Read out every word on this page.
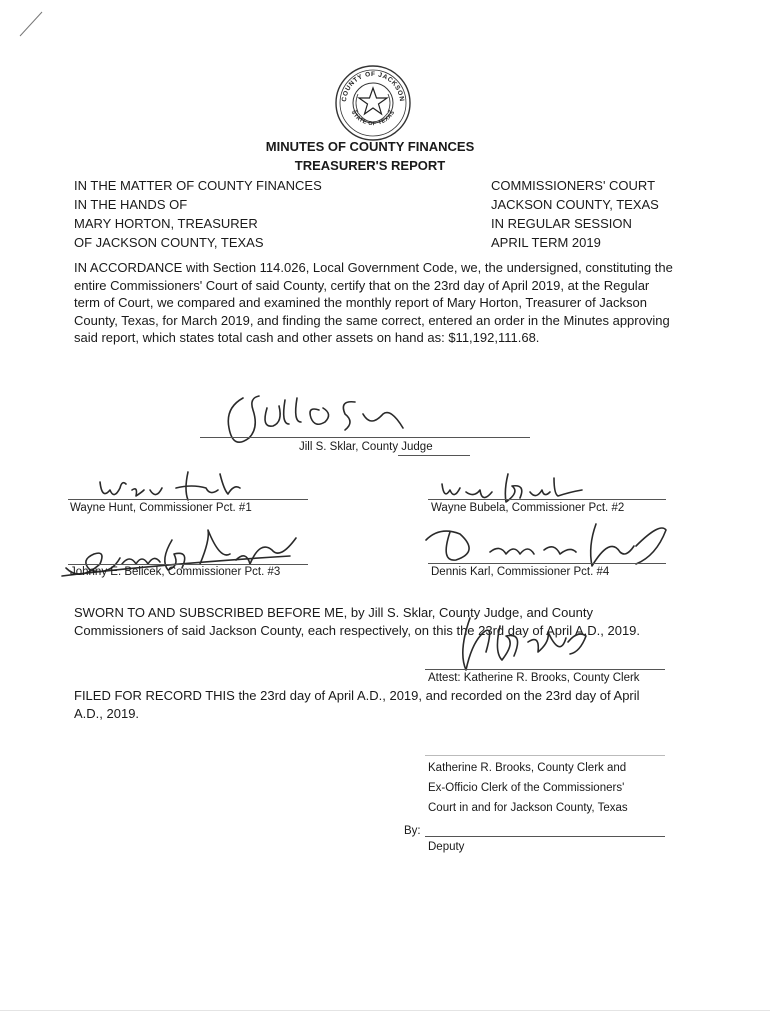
COUNTY OF JACKSON
STATE OF TEXAS
MINUTES OF COUNTY FINANCES
TREASURER'S REPORT
IN THE MATTER OF COUNTY FINANCES
IN THE HANDS OF
MARY HORTON, TREASURER
OF JACKSON COUNTY, TEXAS
COMMISSIONERS' COURT
JACKSON COUNTY, TEXAS
IN REGULAR SESSION
APRIL TERM 2019
IN ACCORDANCE with Section 114.026, Local Government Code, we, the undersigned, constituting the entire Commissioners' Court of said County, certify that on the 23rd day of April 2019, at the Regular term of Court, we compared and examined the monthly report of Mary Horton, Treasurer of Jackson County, Texas, for March 2019, and finding the same correct, entered an order in the Minutes approving said report, which states total cash and other assets on hand as: $11,192,111.68.
Jill S. Sklar, County Judge
Wayne Hunt, Commissioner Pct. #1	Wayne Bubela, Commissioner Pct. #2
Johnny E. Belicek, Commissioner Pct. #3	Dennis Karl, Commissioner Pct. #4
SWORN TO AND SUBSCRIBED BEFORE ME, by Jill S. Sklar, County Judge, and County Commissioners of said Jackson County, each respectively, on this the 23rd day of April A.D., 2019.
Attest: Katherine R. Brooks, County Clerk
FILED FOR RECORD THIS the 23rd day of April A.D., 2019, and recorded on the 23rd day of April A.D., 2019.
Katherine R. Brooks, County Clerk and
Ex-Officio Clerk of the Commissioners'
Court in and for Jackson County, Texas
By:
Deputy
